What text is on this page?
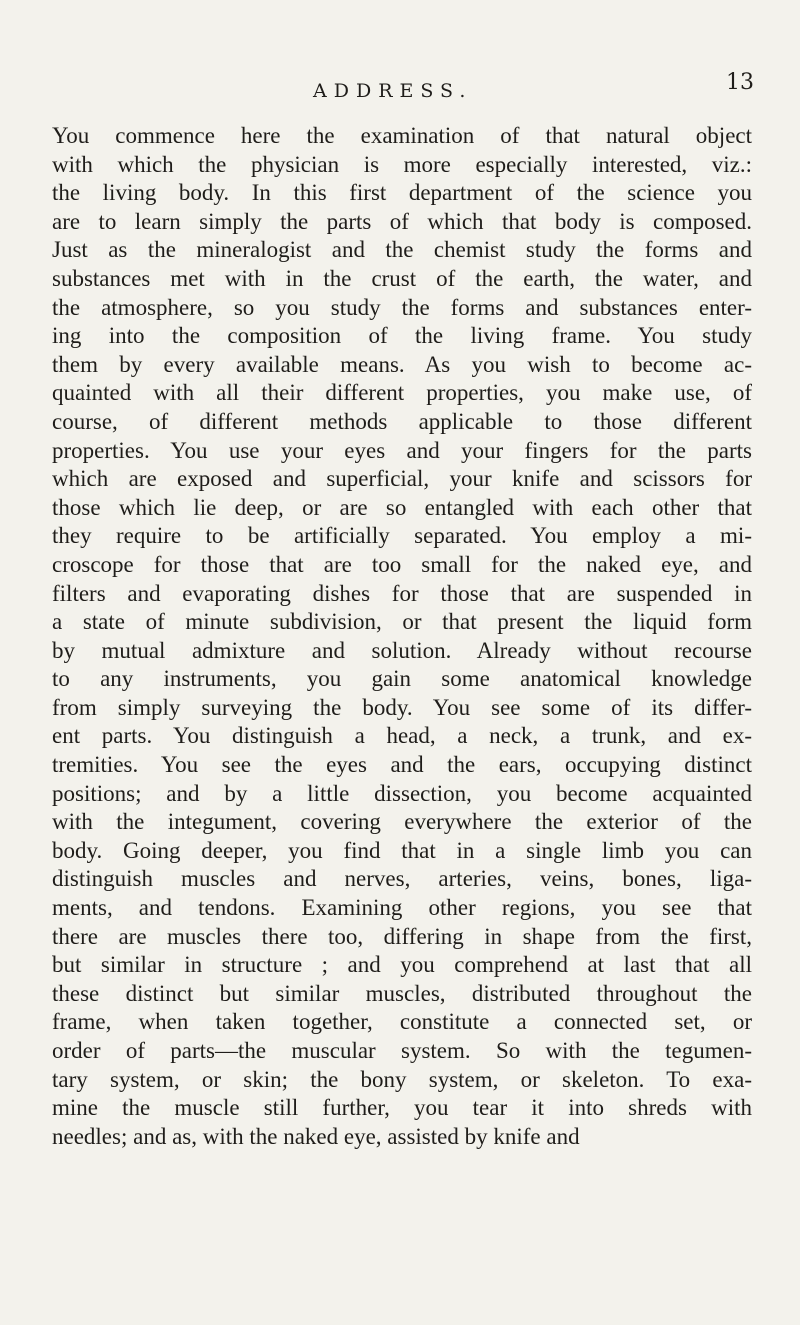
ADDRESS.	13
You commence here the examination of that natural object
with which the physician is more especially interested, viz.:
the living body. In this first department of the science you
are to learn simply the parts of which that body is composed.
Just as the mineralogist and the chemist study the forms and
substances met with in the crust of the earth, the water, and
the atmosphere, so you study the forms and substances enter-
ing into the composition of the living frame. You study
them by every available means. As you wish to become ac-
quainted with all their different properties, you make use, of
course, of different methods applicable to those different
properties. You use your eyes and your fingers for the parts
which are exposed and superficial, your knife and scissors for
those which lie deep, or are so entangled with each other that
they require to be artificially separated. You employ a mi-
croscope for those that are too small for the naked eye, and
filters and evaporating dishes for those that are suspended in
a state of minute subdivision, or that present the liquid form
by mutual admixture and solution. Already without recourse
to any instruments, you gain some anatomical knowledge
from simply surveying the body. You see some of its differ-
ent parts. You distinguish a head, a neck, a trunk, and ex-
tremities. You see the eyes and the ears, occupying distinct
positions; and by a little dissection, you become acquainted
with the integument, covering everywhere the exterior of the
body. Going deeper, you find that in a single limb you can
distinguish muscles and nerves, arteries, veins, bones, liga-
ments, and tendons. Examining other regions, you see that
there are muscles there too, differing in shape from the first,
but similar in structure ; and you comprehend at last that all
these distinct but similar muscles, distributed throughout the
frame, when taken together, constitute a connected set, or
order of parts—the muscular system. So with the tegumen-
tary system, or skin; the bony system, or skeleton. To exa-
mine the muscle still further, you tear it into shreds with
needles; and as, with the naked eye, assisted by knife and
